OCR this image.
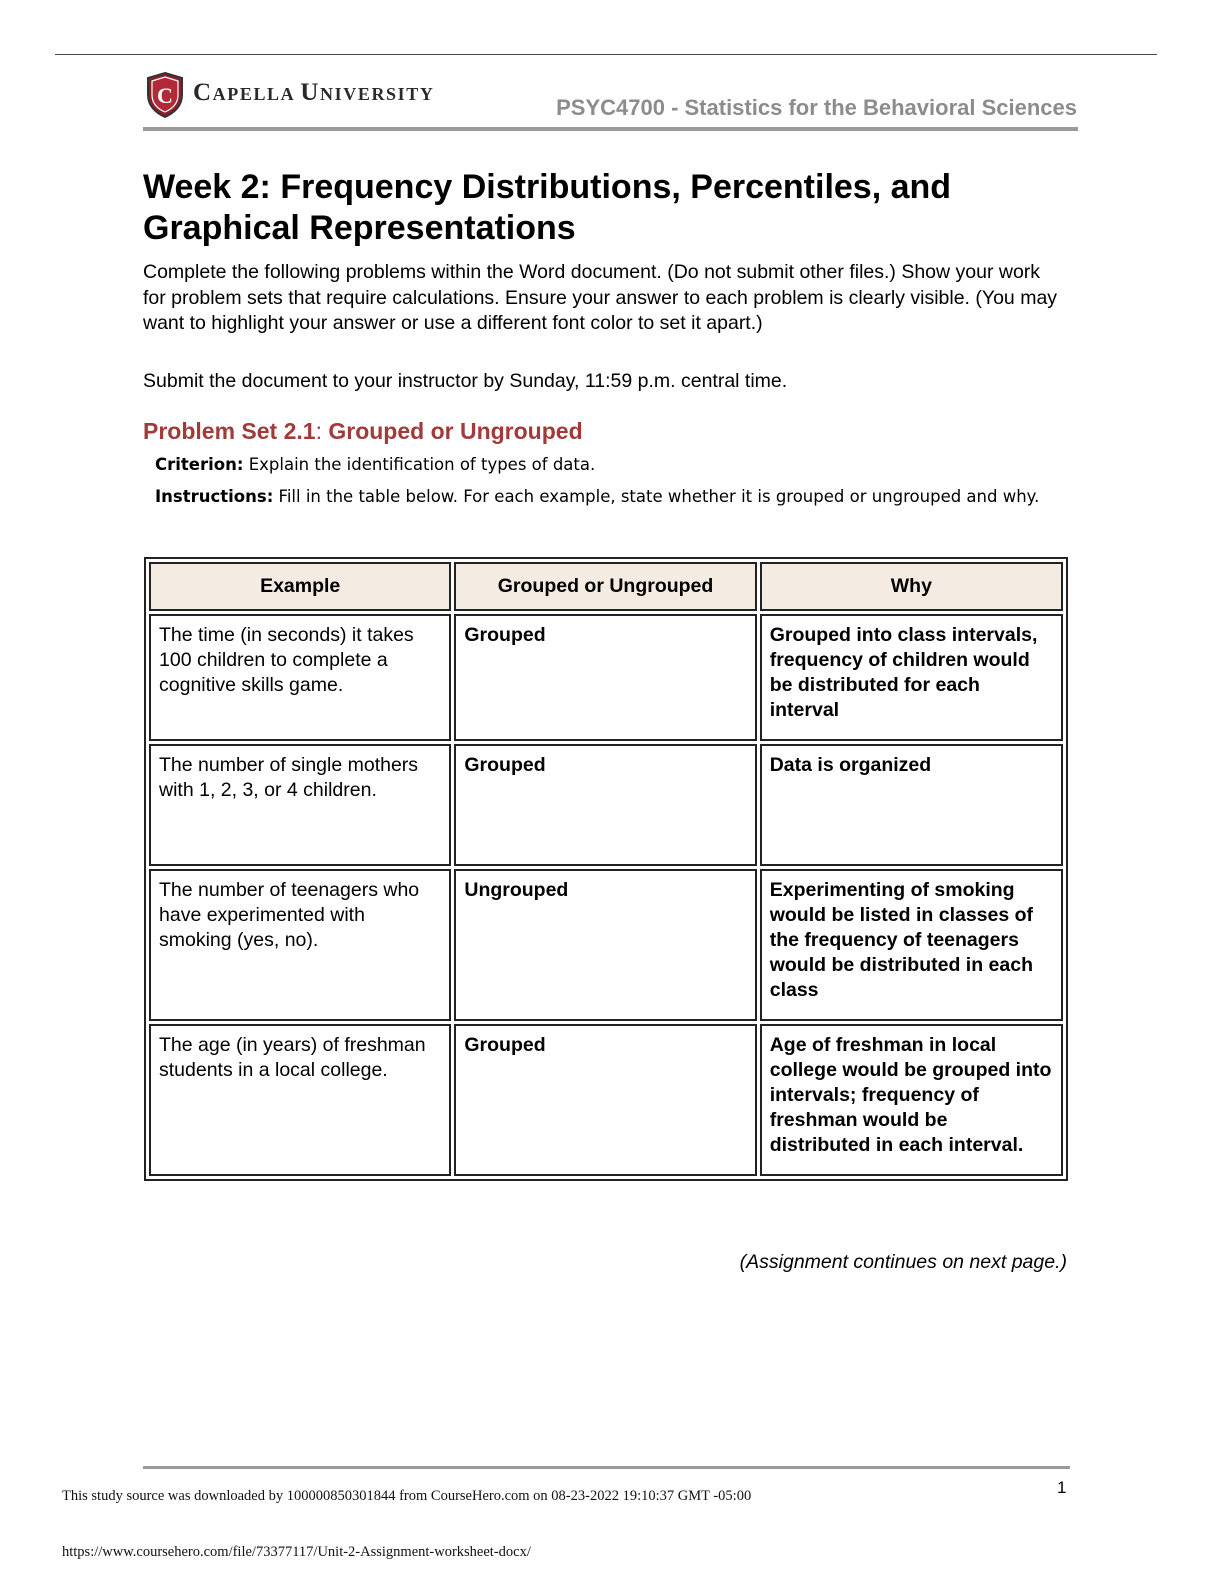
C CAPELLA UNIVERSITY
PSYC4700 - Statistics for the Behavioral Sciences
Week 2: Frequency Distributions, Percentiles, and Graphical Representations

Complete the following problems within the Word document. (Do not submit other files.) Show your work for problem sets that require calculations. Ensure your answer to each problem is clearly visible. (You may want to highlight your answer or use a different font color to set it apart.)

Submit the document to your instructor by Sunday, 11:59 p.m. central time.

Problem Set 2.1: Grouped or Ungrouped

Criterion: Explain the identification of types of data.

Instructions: Fill in the table below. For each example, state whether it is grouped or ungrouped and why.

Example	Grouped or Ungrouped	Why
The time (in seconds) it takes 100 children to complete a cognitive skills game.	Grouped	Grouped into class intervals, frequency of children would be distributed for each interval
The number of single mothers with 1, 2, 3, or 4 children.	Grouped	Data is organized
The number of teenagers who have experimented with smoking (yes, no).	Ungrouped	Experimenting of smoking would be listed in classes of the frequency of teenagers would be distributed in each class
The age (in years) of freshman students in a local college.	Grouped	Age of freshman in local college would be grouped into intervals; frequency of freshman would be distributed in each interval.
(Assignment continues on next page.)
1
This study source was downloaded by 100000850301844 from CourseHero.com on 08-23-2022 19:10:37 GMT -05:00
https://www.coursehero.com/file/73377117/Unit-2-Assignment-worksheet-docx/
